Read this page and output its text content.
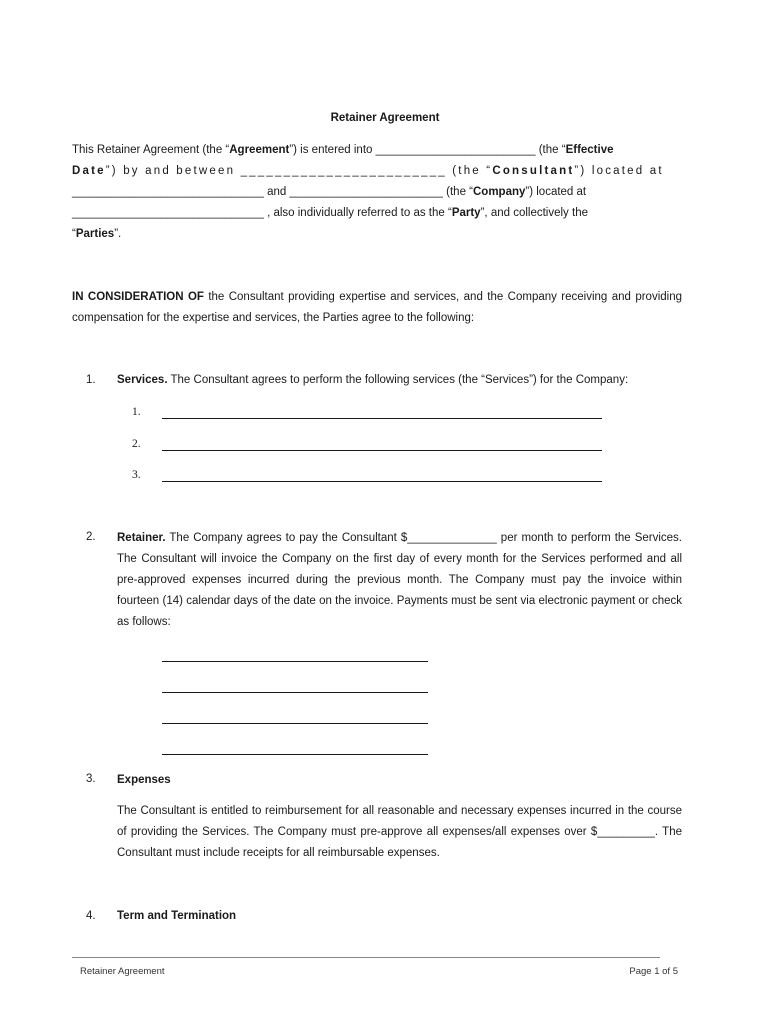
Retainer Agreement
This Retainer Agreement (the “Agreement”) is entered into _________________________ (the “Effective
Date”) by and between ________________________ (the “Consultant”) located at
______________________________ and ________________________ (the “Company”) located at
______________________________ , also individually referred to as the “Party”, and collectively the
“Parties”.
IN CONSIDERATION OF the Consultant providing expertise and services, and the Company receiving and providing compensation for the expertise and services, the Parties agree to the following:
1. Services. The Consultant agrees to perform the following services (the “Services”) for the Company:
1.
2.
3.
2. Retainer. The Company agrees to pay the Consultant $______________ per month to perform the Services. The Consultant will invoice the Company on the first day of every month for the Services performed and all pre-approved expenses incurred during the previous month. The Company must pay the invoice within fourteen (14) calendar days of the date on the invoice. Payments must be sent via electronic payment or check as follows:
3. Expenses
The Consultant is entitled to reimbursement for all reasonable and necessary expenses incurred in the course of providing the Services. The Company must pre-approve all expenses/all expenses over $_________. The Consultant must include receipts for all reimbursable expenses.
4. Term and Termination
Retainer Agreement	Page 1 of 5
